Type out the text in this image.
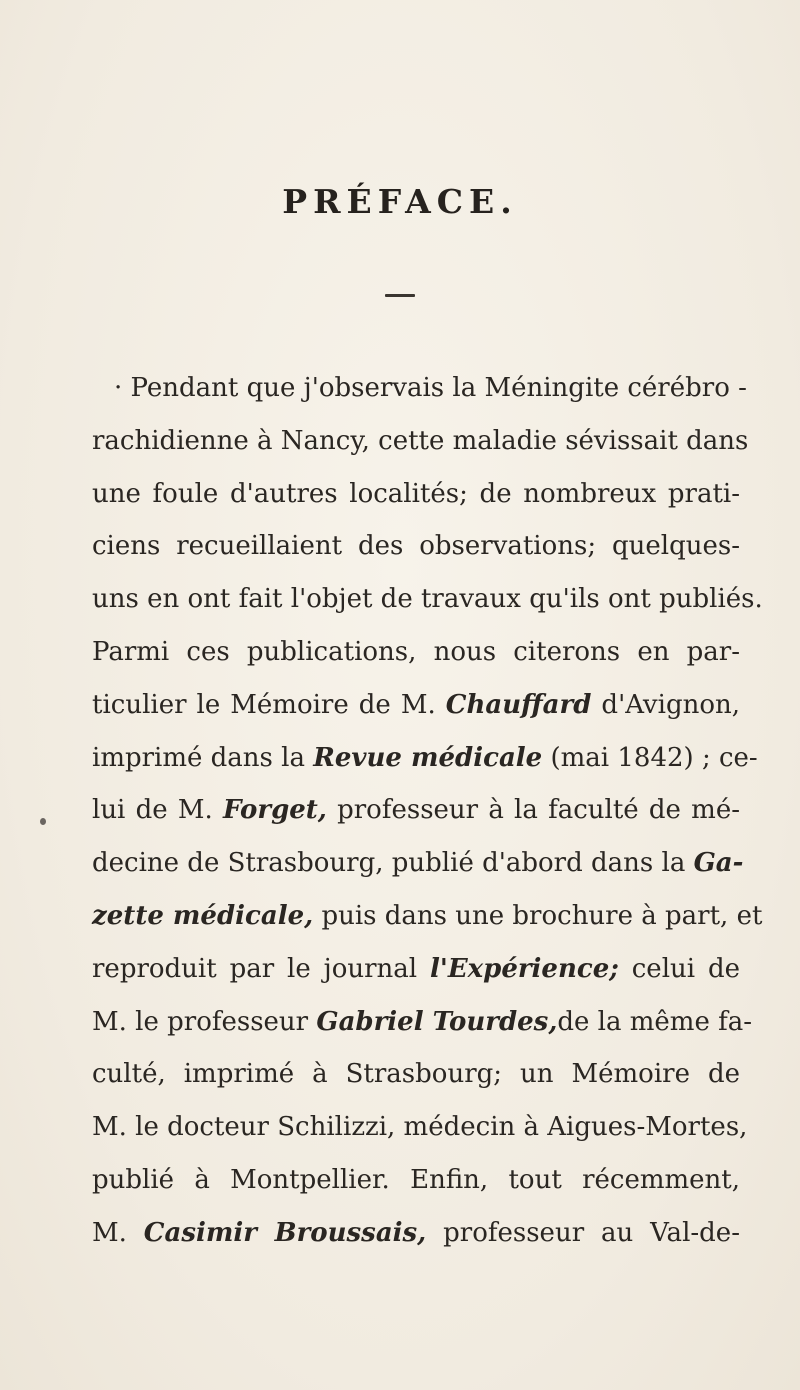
PRÉFACE.
· Pendant que j'observais la Méningite cérébro -
rachidienne à Nancy, cette maladie sévissait dans
une foule d'autres localités; de nombreux prati-
ciens recueillaient des observations; quelques-
uns en ont fait l'objet de travaux qu'ils ont publiés.
Parmi ces publications, nous citerons en par-
ticulier le Mémoire de M. Chauffard d'Avignon,
imprimé dans la Revue médicale (mai 1842) ; ce-
lui de M. Forget, professeur à la faculté de mé-
decine de Strasbourg, publié d'abord dans la Ga-
zette médicale, puis dans une brochure à part, et
reproduit par le journal l'Expérience; celui de
M. le professeur Gabriel Tourdes,de la même fa-
culté, imprimé à Strasbourg; un Mémoire de
M. le docteur Schilizzi, médecin à Aigues-Mortes,
publié à Montpellier. Enfin, tout récemment,
M. Casimir Broussais, professeur au Val-de-
